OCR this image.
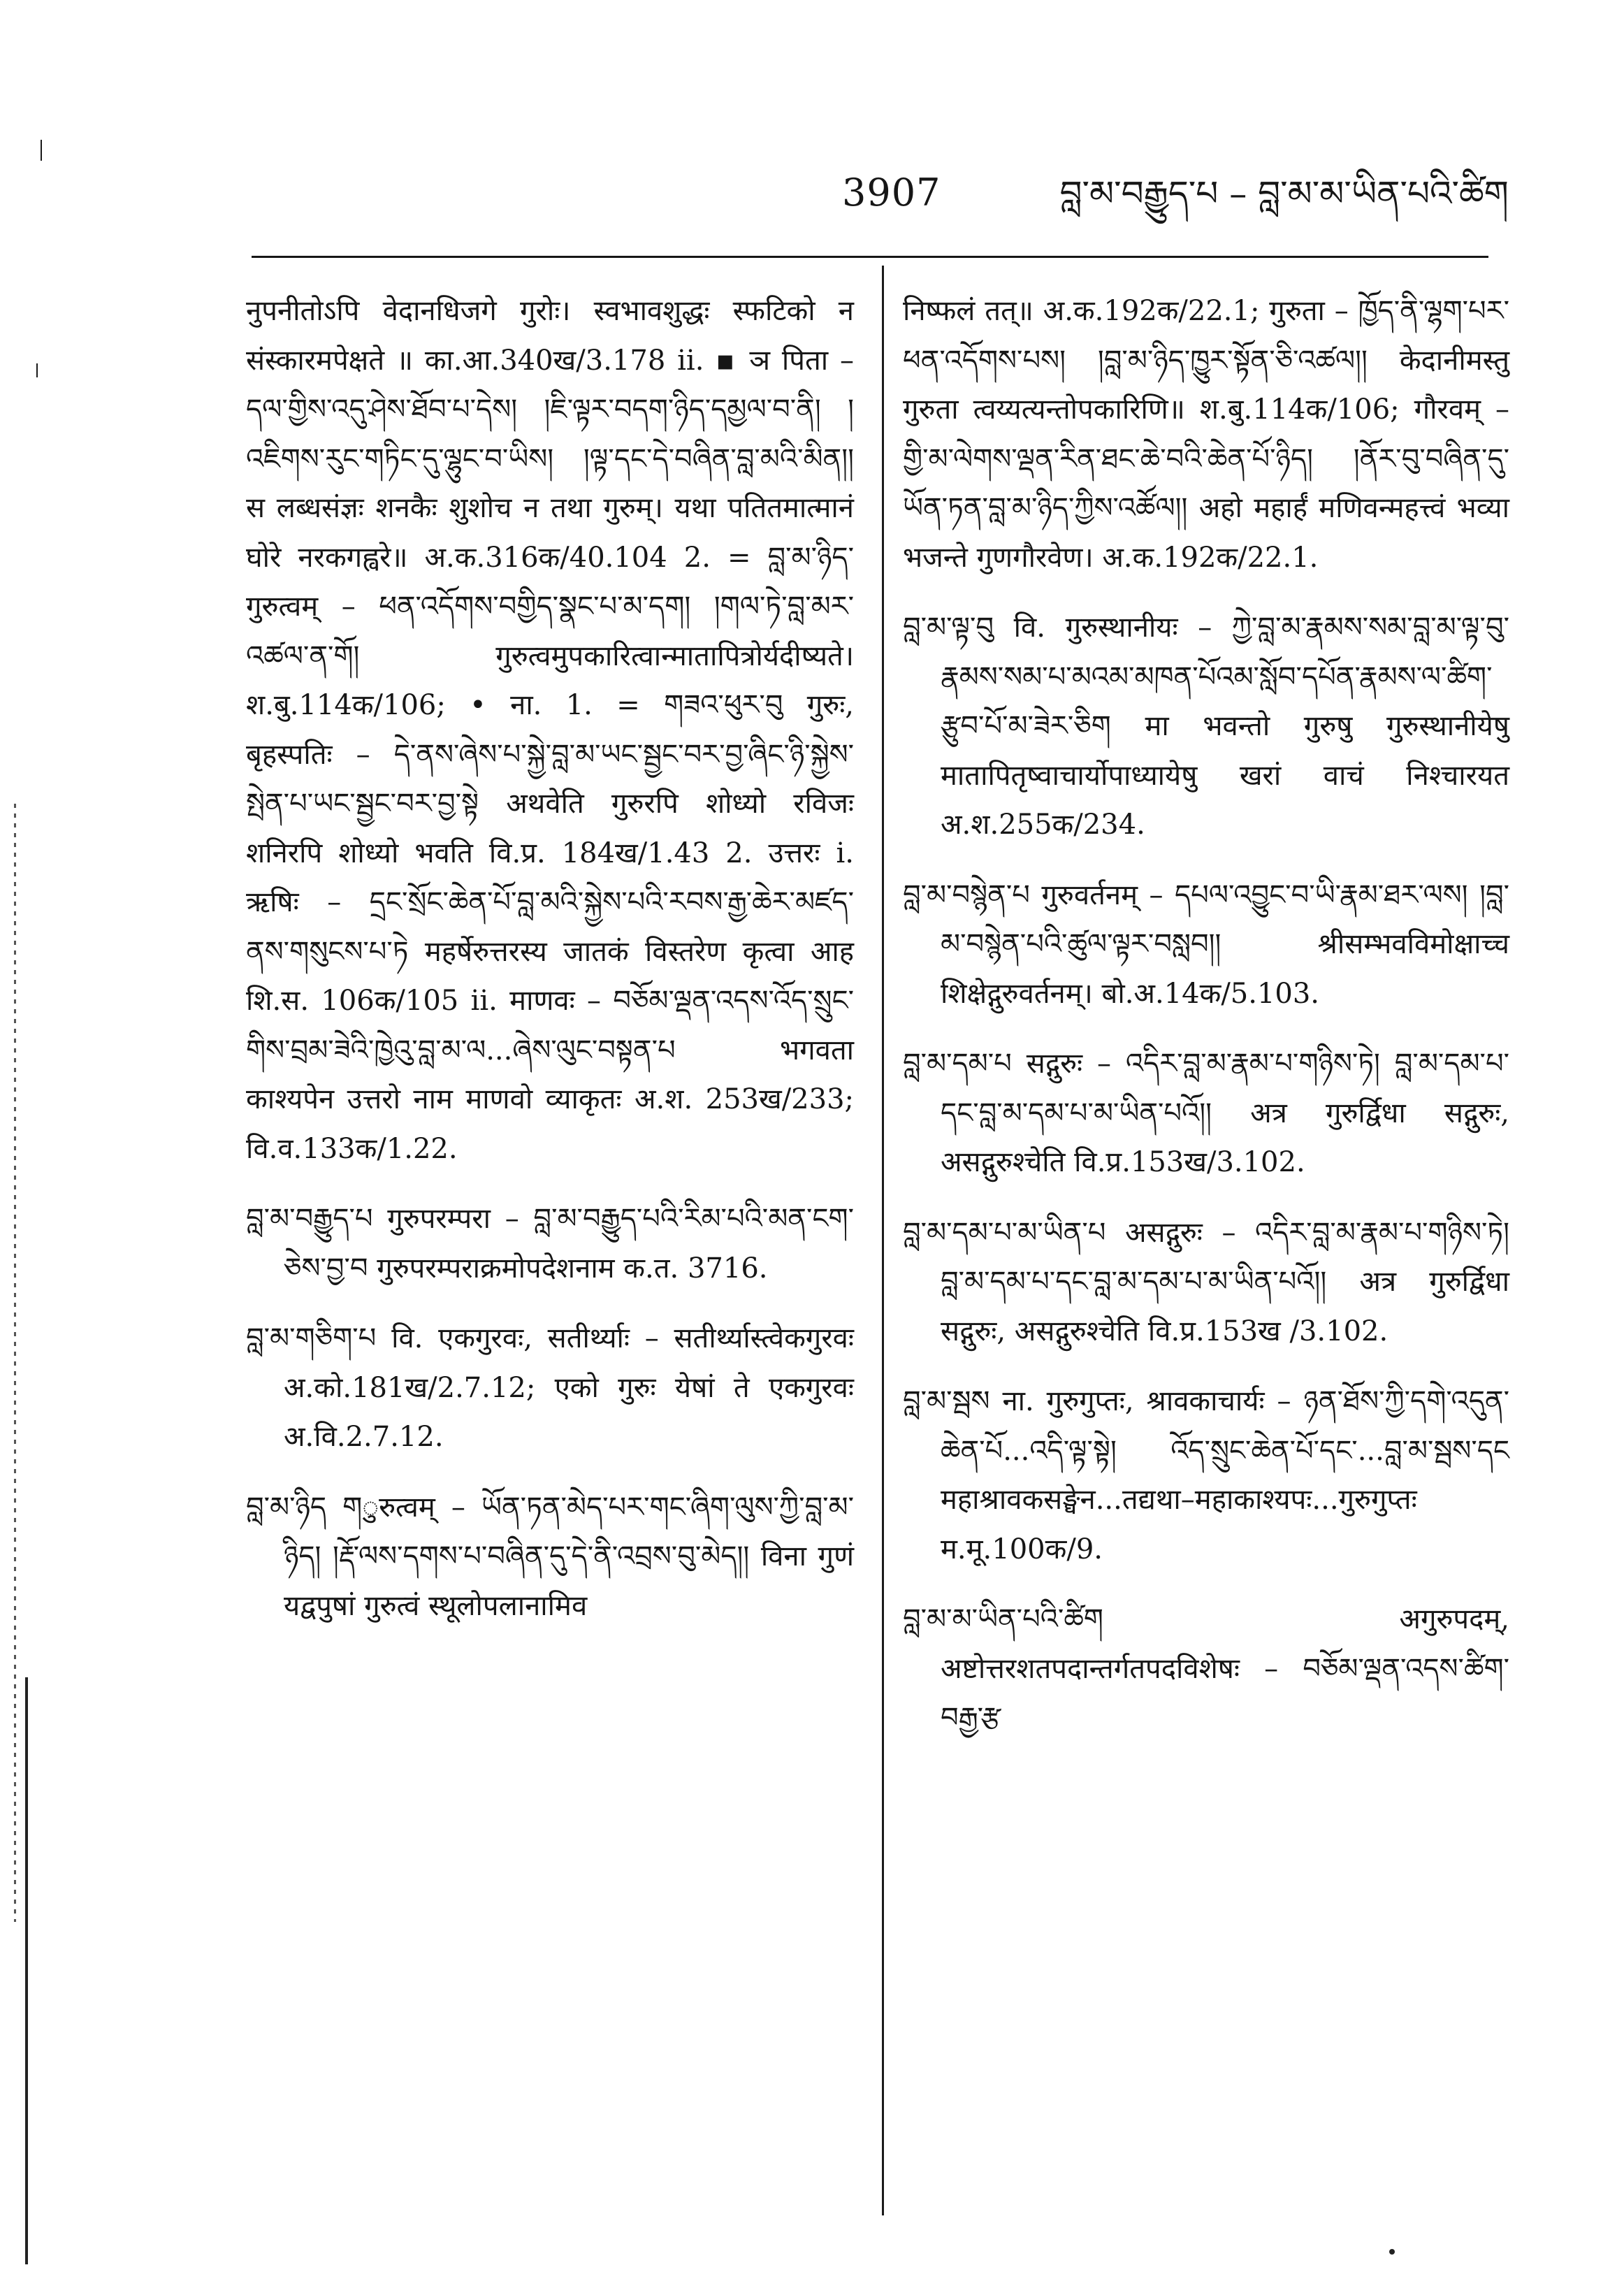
3907	བླ་མ་བརྒྱུད་པ – བླ་མ་མ་ཡིན་པའི་ཚིག

नुपनीतोऽपि वेदानधिजगे गुरोः। स्वभावशुद्धः स्फटिको न संस्कारमपेक्षते ॥ का.आ.340ख/3.178 ii. ▪ ञ पिता – དལ་གྱིས་འདུ་ཤེས་ཐོབ་པ་དེས། །ཇི་ལྟར་བདག་ཉིད་དམྱལ་བ་ནི། །འཇིགས་རུང་གཏིང་དུ་ལྷུང་བ་ཡིས། །ལྟ་དང་དེ་བཞིན་བླ་མའི་མིན།། स लब्धसंज्ञः शनकैः शुशोच न तथा गुरुम्। यथा पतितमात्मानं घोरे नरकगह्वरे॥ अ.क.316क/40.104 2. = བླ་མ་ཉིད་ गुरुत्वम् – ཕན་འདོགས་བགྱིད་སྣང་པ་མ་དག། །གལ་ཏེ་བླ་མར་འཚལ་ན་གོ། गुरुत्वमुपकारित्वान्मातापित्रोर्यदीष्यते। श.बु.114क/106; • ना. 1. = གཟའ་ཕུར་བུ गुरुः, बृहस्पतिः – དེ་ནས་ཞེས་པ་སྐྱེ་བླ་མ་ཡང་སྦྱང་བར་བྱ་ཞིང་ཉི་སྐྱེས་སྤེན་པ་ཡང་སྦྱང་བར་བྱ་སྟེ अथवेति गुरुरपि शोध्यो रविजः शनिरपि शोध्यो भवति वि.प्र. 184ख/1.43 2. उत्तरः i. ऋषिः – དྲང་སྲོང་ཆེན་པོ་བླ་མའི་སྐྱེས་པའི་རབས་རྒྱ་ཆེར་མཛད་ནས་གསུངས་པ་ཏེ महर्षेरुत्तरस्य जातकं विस्तरेण कृत्वा आह शि.स. 106क/105 ii. माणवः – བཅོམ་ལྡན་འདས་འོད་སྲུང་གིས་བྲམ་ཟེའི་ཁྱེའུ་བླ་མ་ལ...ཞེས་ལུང་བསྟན་པ भगवता काश्यपेन उत्तरो नाम माणवो व्याकृतः अ.श. 253ख/233; वि.व.133क/1.22.

བླ་མ་བརྒྱུད་པ गुरुपरम्परा – བླ་མ་བརྒྱུད་པའི་རིམ་པའི་མན་ངག་ཅེས་བྱ་བ गुरुपरम्पराक्रमोपदेशनाम क.त. 3716.

བླ་མ་གཅིག་པ वि. एकगुरवः, सतीर्थ्याः – सतीर्थ्यास्त्वेकगुरवः अ.को.181ख/2.7.12; एको गुरुः येषां ते एकगुरवः अ.वि.2.7.12.

བླ་མ་ཉིད གुरुत्वम् – ཡོན་ཏན་མེད་པར་གང་ཞིག་ལུས་ཀྱི་བླ་མ་ཉིད། །རྡོ་ལས་དགས་པ་བཞིན་དུ་དེ་ནི་འབྲས་བུ་མེད།། विना गुणं यद्वपुषां गुरुत्वं स्थूलोपलानामिव

निष्फलं तत्॥ अ.क.192क/22.1; गुरुता – ཁྱོད་ནི་ལྷག་པར་ཕན་འདོགས་པས། །བླ་མ་ཉིད་ཁྱུར་སྟོན་ཅི་འཚལ།། केदानीमस्तु गुरुता त्वय्यत्यन्तोपकारिणि॥ श.बु.114क/106; गौरवम् – གྱི་མ་ལེགས་ལྡན་རིན་ཐང་ཆེ་བའི་ཆེན་པོ་ཉིད། །ནོར་བུ་བཞིན་དུ་ཡོན་ཏན་བླ་མ་ཉིད་ཀྱིས་འཚོལ།། अहो महार्हं मणिवन्महत्त्वं भव्या भजन्ते गुणगौरवेण। अ.क.192क/22.1.

བླ་མ་ལྟ་བུ वि. गुरुस्थानीयः – ཀྱེ་བླ་མ་རྣམས་སམ་བླ་མ་ལྟ་བུ་རྣམས་སམ་པ་མའམ་མཁན་པོའམ་སློབ་དཔོན་རྣམས་ལ་ཚིག་རྩུབ་པོ་མ་ཟེར་ཅིག मा भवन्तो गुरुषु गुरुस्थानीयेषु मातापितृष्वाचार्योपाध्यायेषु खरां वाचं निश्चारयत अ.श.255क/234.

བླ་མ་བསྙེན་པ गुरुवर्तनम् – དཔལ་འབྱུང་བ་ཡི་རྣམ་ཐར་ལས། །བླ་མ་བསྙེན་པའི་ཚུལ་ལྟར་བསླབ།། श्रीसम्भवविमोक्षाच्च शिक्षेद्गुरुवर्तनम्। बो.अ.14क/5.103.

བླ་མ་དམ་པ सद्गुरुः – འདིར་བླ་མ་རྣམ་པ་གཉིས་ཏེ། བླ་མ་དམ་པ་དང་བླ་མ་དམ་པ་མ་ཡིན་པའོ།། अत्र गुरुर्द्विधा सद्गुरुः, असद्गुरुश्चेति वि.प्र.153ख/3.102.

བླ་མ་དམ་པ་མ་ཡིན་པ असद्गुरुः – འདིར་བླ་མ་རྣམ་པ་གཉིས་ཏེ། བླ་མ་དམ་པ་དང་བླ་མ་དམ་པ་མ་ཡིན་པའོ།། अत्र गुरुर्द्विधा सद्गुरुः, असद्गुरुश्चेति वि.प्र.153ख /3.102.

བླ་མ་སྦས ना. गुरुगुप्तः, श्रावकाचार्यः – ཉན་ཐོས་ཀྱི་དགེ་འདུན་ཆེན་པོ...འདི་ལྟ་སྟེ། འོད་སྲུང་ཆེན་པོ་དང་...བླ་མ་སྦས་དང महाश्रावकसङ्घेन...तद्यथा–महाकाश्यपः...गुरुगुप्तः म.मू.100क/9.

བླ་མ་མ་ཡིན་པའི་ཚིག अगुरुपदम्, अष्टोत्तरशतपदान्तर्गतपदविशेषः – བཅོམ་ལྡན་འདས་ཚིག་བརྒྱ་རྩ
